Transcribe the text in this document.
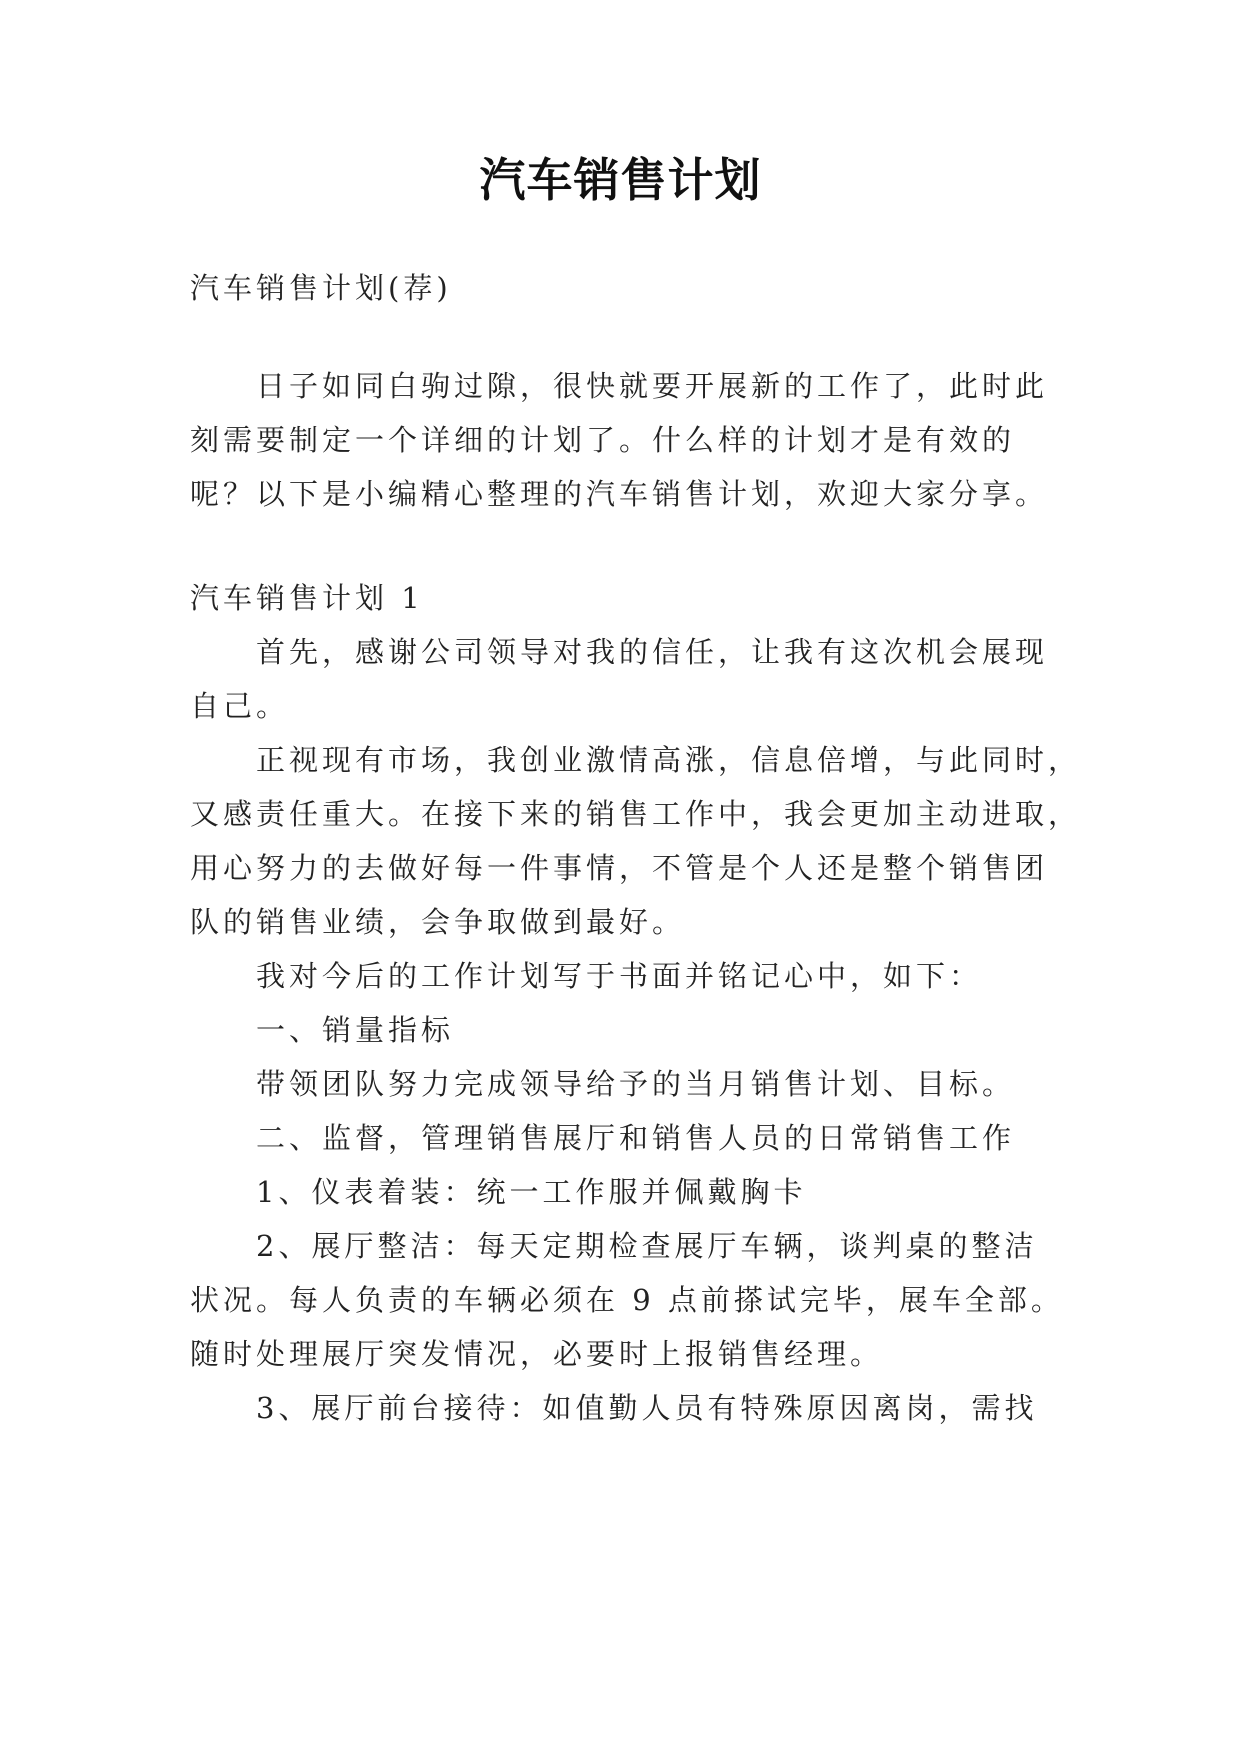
汽车销售计划
汽车销售计划(荐)
日子如同白驹过隙，很快就要开展新的工作了，此时此
刻需要制定一个详细的计划了。什么样的计划才是有效的
呢？以下是小编精心整理的汽车销售计划，欢迎大家分享。
汽车销售计划 1
首先，感谢公司领导对我的信任，让我有这次机会展现
自己。
正视现有市场，我创业激情高涨，信息倍增，与此同时，
又感责任重大。在接下来的销售工作中，我会更加主动进取，
用心努力的去做好每一件事情，不管是个人还是整个销售团
队的销售业绩，会争取做到最好。
我对今后的工作计划写于书面并铭记心中，如下：
一、销量指标
带领团队努力完成领导给予的当月销售计划、目标。
二、监督，管理销售展厅和销售人员的日常销售工作
1、仪表着装：统一工作服并佩戴胸卡
2、展厅整洁：每天定期检查展厅车辆，谈判桌的整洁
状况。每人负责的车辆必须在 9 点前搽试完毕，展车全部。
随时处理展厅突发情况，必要时上报销售经理。
3、展厅前台接待：如值勤人员有特殊原因离岗，需找
